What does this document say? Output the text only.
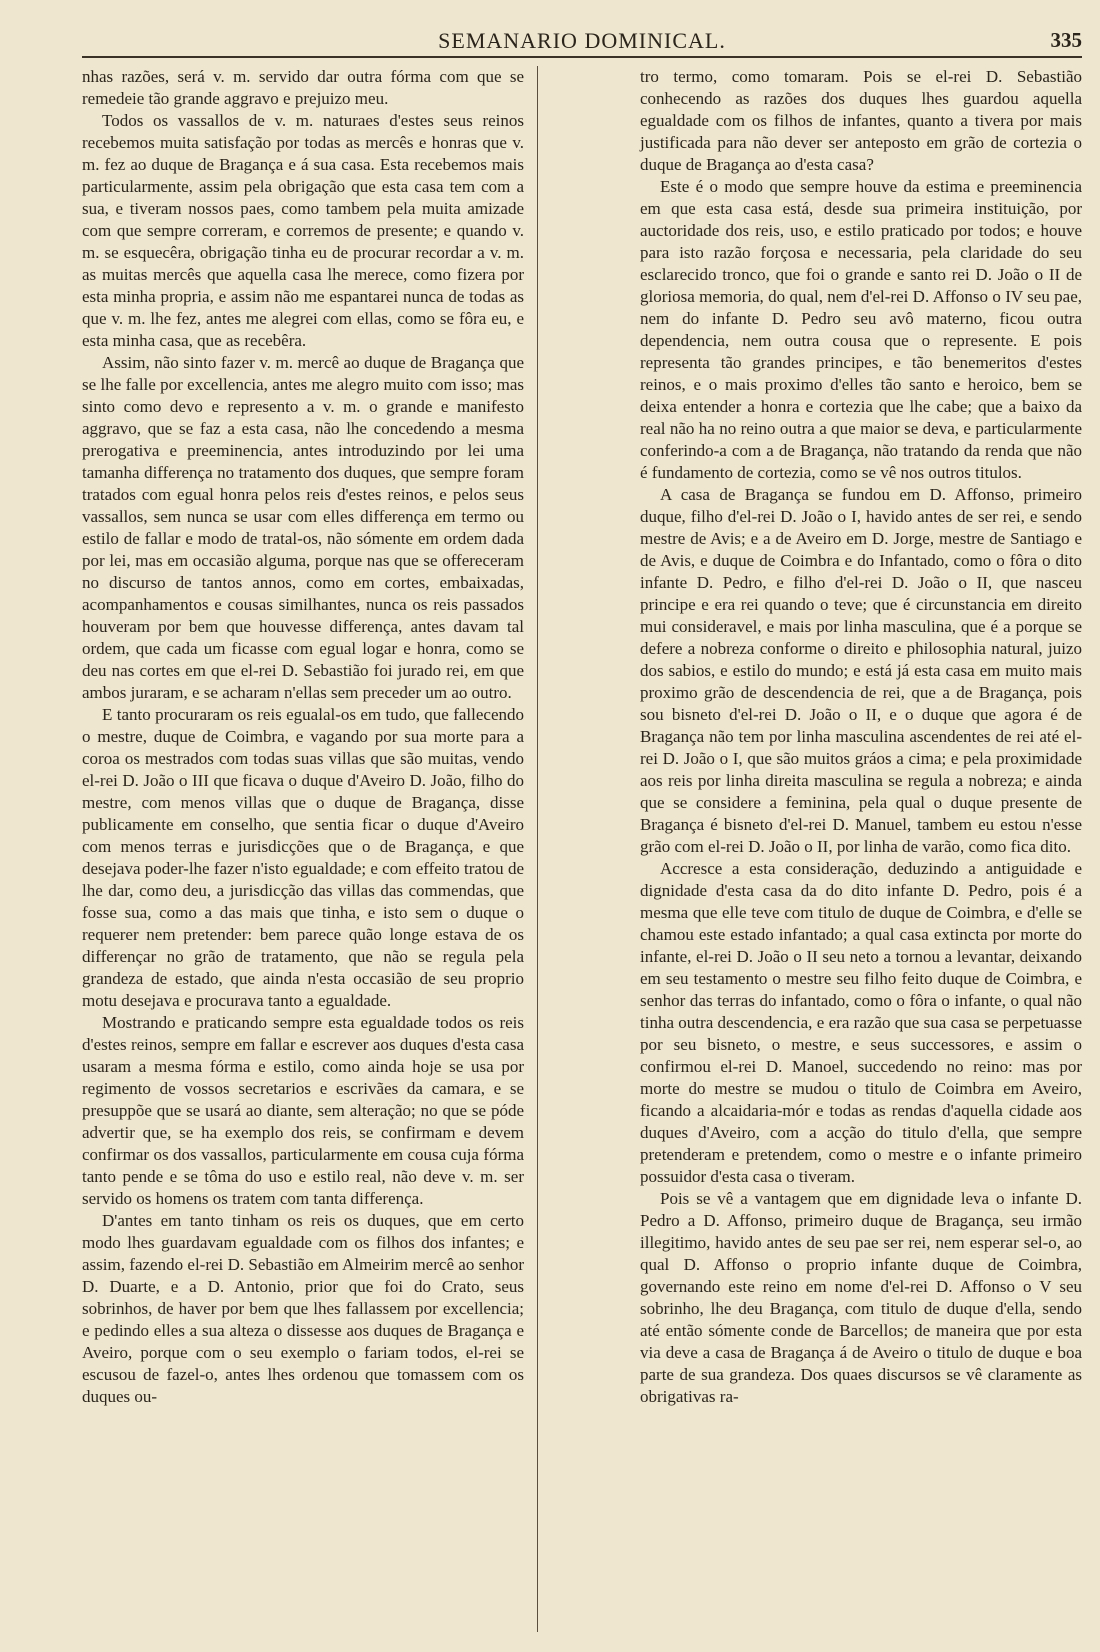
SEMANARIO DOMINICAL.	335

nhas razões, será v. m. servido dar outra fórma com que se remedeie tão grande aggravo e prejuizo meu.

Todos os vassallos de v. m. naturaes d'estes seus reinos recebemos muita satisfação por todas as mercês e honras que v. m. fez ao duque de Bragança e á sua casa. Esta recebemos mais particularmente, assim pela obrigação que esta casa tem com a sua, e tiveram nossos paes, como tambem pela muita amizade com que sempre correram, e corremos de presente; e quando v. m. se esquecêra, obrigação tinha eu de procurar recordar a v. m. as muitas mercês que aquella casa lhe merece, como fizera por esta minha propria, e assim não me espantarei nunca de todas as que v. m. lhe fez, antes me alegrei com ellas, como se fôra eu, e esta minha casa, que as recebêra.

Assim, não sinto fazer v. m. mercê ao duque de Bragança que se lhe falle por excellencia, antes me alegro muito com isso; mas sinto como devo e represento a v. m. o grande e manifesto aggravo, que se faz a esta casa, não lhe concedendo a mesma prerogativa e preeminencia, antes introduzindo por lei uma tamanha differença no tratamento dos duques, que sempre foram tratados com egual honra pelos reis d'estes reinos, e pelos seus vassallos, sem nunca se usar com elles differença em termo ou estilo de fallar e modo de tratal-os, não sómente em ordem dada por lei, mas em occasião alguma, porque nas que se offereceram no discurso de tantos annos, como em cortes, embaixadas, acompanhamentos e cousas similhantes, nunca os reis passados houveram por bem que houvesse differença, antes davam tal ordem, que cada um ficasse com egual logar e honra, como se deu nas cortes em que el-rei D. Sebastião foi jurado rei, em que ambos juraram, e se acharam n'ellas sem preceder um ao outro.

E tanto procuraram os reis egualal-os em tudo, que fallecendo o mestre, duque de Coimbra, e vagando por sua morte para a coroa os mestrados com todas suas villas que são muitas, vendo el-rei D. João o III que ficava o duque d'Aveiro D. João, filho do mestre, com menos villas que o duque de Bragança, disse publicamente em conselho, que sentia ficar o duque d'Aveiro com menos terras e jurisdicções que o de Bragança, e que desejava poder-lhe fazer n'isto egualdade; e com effeito tratou de lhe dar, como deu, a jurisdicção das villas das commendas, que fosse sua, como a das mais que tinha, e isto sem o duque o requerer nem pretender: bem parece quão longe estava de os differençar no grão de tratamento, que não se regula pela grandeza de estado, que ainda n'esta occasião de seu proprio motu desejava e procurava tanto a egualdade.

Mostrando e praticando sempre esta egualdade todos os reis d'estes reinos, sempre em fallar e escrever aos duques d'esta casa usaram a mesma fórma e estilo, como ainda hoje se usa por regimento de vossos secretarios e escrivães da camara, e se presuppõe que se usará ao diante, sem alteração; no que se póde advertir que, se ha exemplo dos reis, se confirmam e devem confirmar os dos vassallos, particularmente em cousa cuja fórma tanto pende e se tôma do uso e estilo real, não deve v. m. ser servido os homens os tratem com tanta differença.

D'antes em tanto tinham os reis os duques, que em certo modo lhes guardavam egualdade com os filhos dos infantes; e assim, fazendo el-rei D. Sebastião em Almeirim mercê ao senhor D. Duarte, e a D. Antonio, prior que foi do Crato, seus sobrinhos, de haver por bem que lhes fallassem por excellencia; e pedindo elles a sua alteza o dissesse aos duques de Bragança e Aveiro, porque com o seu exemplo o fariam todos, el-rei se escusou de fazel-o, antes lhes ordenou que tomassem com os duques ou-

tro termo, como tomaram. Pois se el-rei D. Sebastião conhecendo as razões dos duques lhes guardou aquella egualdade com os filhos de infantes, quanto a tivera por mais justificada para não dever ser anteposto em grão de cortezia o duque de Bragança ao d'esta casa?

Este é o modo que sempre houve da estima e preeminencia em que esta casa está, desde sua primeira instituição, por auctoridade dos reis, uso, e estilo praticado por todos; e houve para isto razão forçosa e necessaria, pela claridade do seu esclarecido tronco, que foi o grande e santo rei D. João o II de gloriosa memoria, do qual, nem d'el-rei D. Affonso o IV seu pae, nem do infante D. Pedro seu avô materno, ficou outra dependencia, nem outra cousa que o represente. E pois representa tão grandes principes, e tão benemeritos d'estes reinos, e o mais proximo d'elles tão santo e heroico, bem se deixa entender a honra e cortezia que lhe cabe; que a baixo da real não ha no reino outra a que maior se deva, e particularmente conferindo-a com a de Bragança, não tratando da renda que não é fundamento de cortezia, como se vê nos outros titulos.

A casa de Bragança se fundou em D. Affonso, primeiro duque, filho d'el-rei D. João o I, havido antes de ser rei, e sendo mestre de Avis; e a de Aveiro em D. Jorge, mestre de Santiago e de Avis, e duque de Coimbra e do Infantado, como o fôra o dito infante D. Pedro, e filho d'el-rei D. João o II, que nasceu principe e era rei quando o teve; que é circunstancia em direito mui consideravel, e mais por linha masculina, que é a porque se defere a nobreza conforme o direito e philosophia natural, juizo dos sabios, e estilo do mundo; e está já esta casa em muito mais proximo grão de descendencia de rei, que a de Bragança, pois sou bisneto d'el-rei D. João o II, e o duque que agora é de Bragança não tem por linha masculina ascendentes de rei até el-rei D. João o I, que são muitos gráos a cima; e pela proximidade aos reis por linha direita masculina se regula a nobreza; e ainda que se considere a feminina, pela qual o duque presente de Bragança é bisneto d'el-rei D. Manuel, tambem eu estou n'esse grão com el-rei D. João o II, por linha de varão, como fica dito.

Accresce a esta consideração, deduzindo a antiguidade e dignidade d'esta casa da do dito infante D. Pedro, pois é a mesma que elle teve com titulo de duque de Coimbra, e d'elle se chamou este estado infantado; a qual casa extincta por morte do infante, el-rei D. João o II seu neto a tornou a levantar, deixando em seu testamento o mestre seu filho feito duque de Coimbra, e senhor das terras do infantado, como o fôra o infante, o qual não tinha outra descendencia, e era razão que sua casa se perpetuasse por seu bisneto, o mestre, e seus successores, e assim o confirmou el-rei D. Manoel, succedendo no reino: mas por morte do mestre se mudou o titulo de Coimbra em Aveiro, ficando a alcaidaria-mór e todas as rendas d'aquella cidade aos duques d'Aveiro, com a acção do titulo d'ella, que sempre pretenderam e pretendem, como o mestre e o infante primeiro possuidor d'esta casa o tiveram.

Pois se vê a vantagem que em dignidade leva o infante D. Pedro a D. Affonso, primeiro duque de Bragança, seu irmão illegitimo, havido antes de seu pae ser rei, nem esperar sel-o, ao qual D. Affonso o proprio infante duque de Coimbra, governando este reino em nome d'el-rei D. Affonso o V seu sobrinho, lhe deu Bragança, com titulo de duque d'ella, sendo até então sómente conde de Barcellos; de maneira que por esta via deve a casa de Bragança á de Aveiro o titulo de duque e boa parte de sua grandeza. Dos quaes discursos se vê claramente as obrigativas ra-
